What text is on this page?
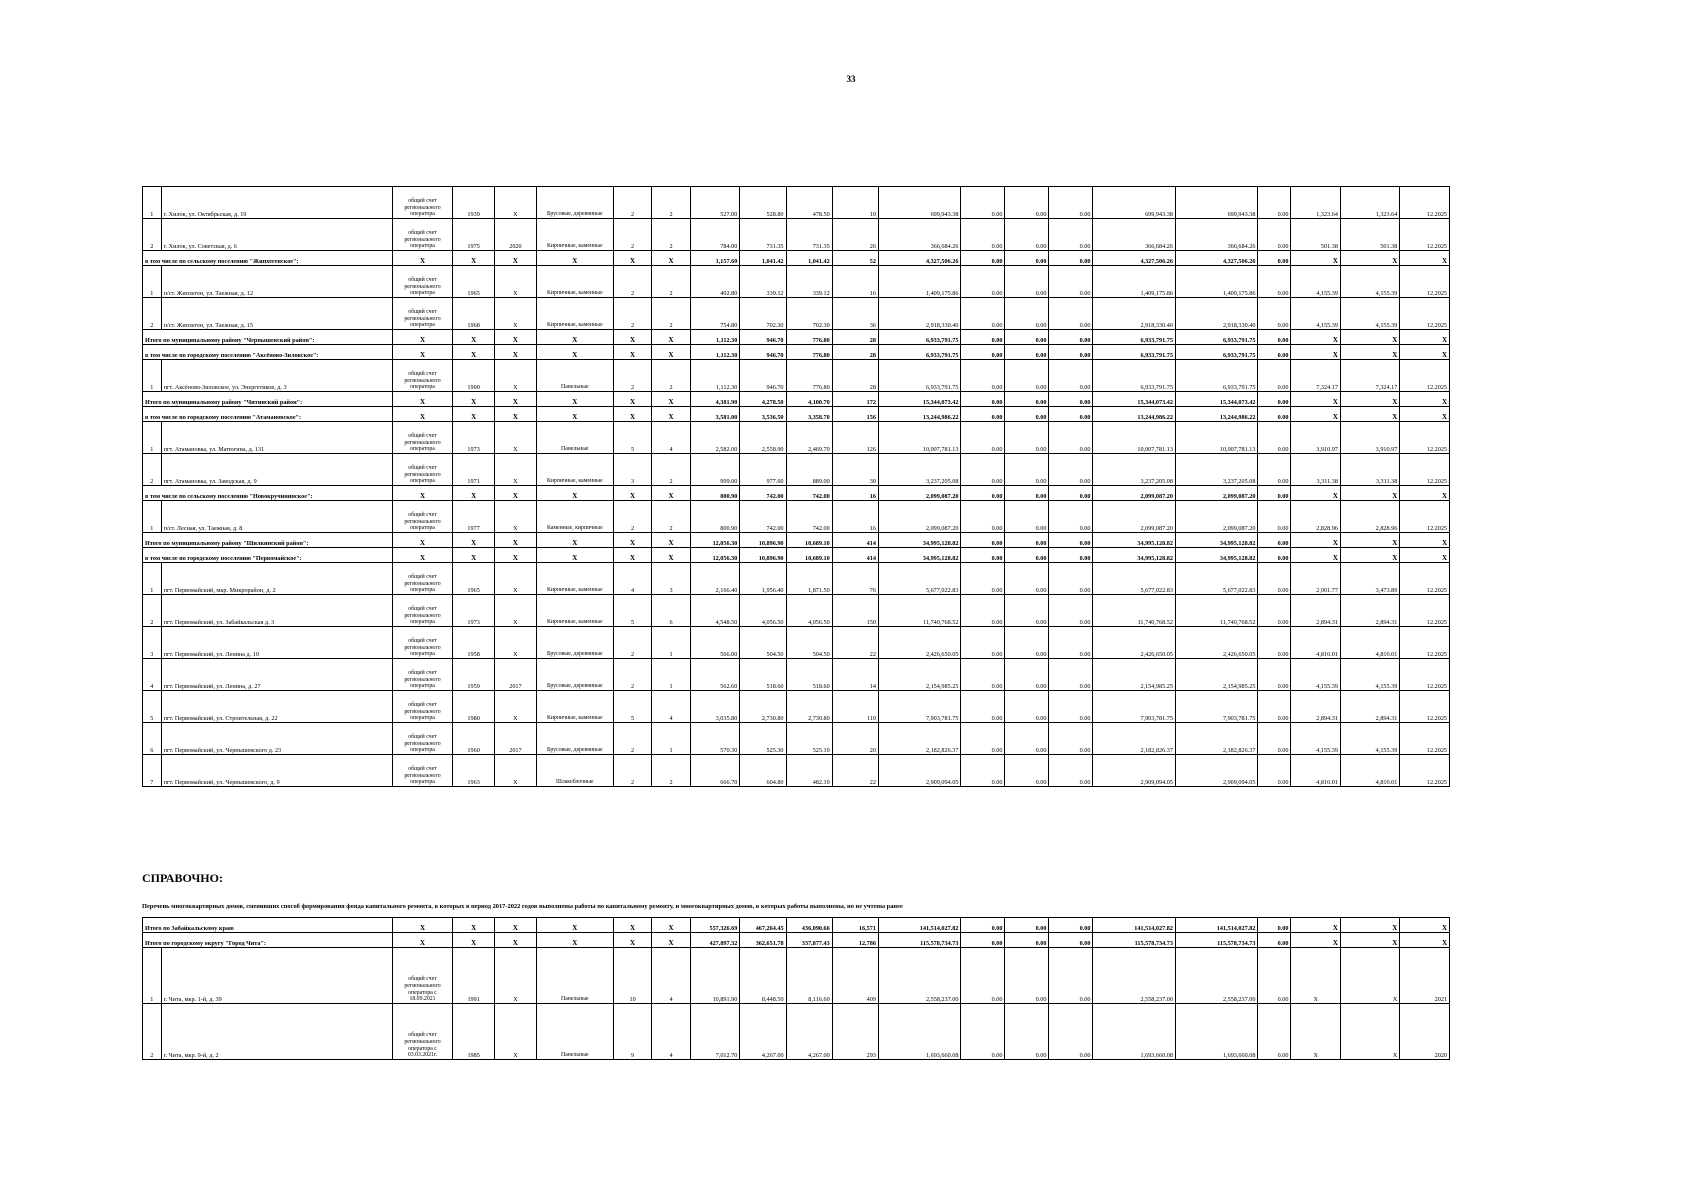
33
1	г. Хилок, ул. Октябрьская, д. 19	общий счет регионального оператора	1939	X	Брусовые, деревянные	2	2	527.00	528.80	478.50	10	699,943.38	0.00	0.00	0.00	699,943.38	699,943.38	0.00	1,323.64	1,323.64	12.2025
2	г. Хилок, ул. Советская, д. 6	общий счет регионального оператора	1975	2020	Кирпичные, каменные	2	2	784.00	731.35	731.35	26	366,684.26	0.00	0.00	0.00	366,684.26	366,684.26	0.00	501.38	501.38	12.2025
в том числе по сельскому поселению "Жипхегенское":		X	X	X	X	X	X	1,157.60	1,041.42	1,041.42	52	4,327,506.26	0.00	0.00	0.00	4,327,506.26	4,327,506.26	0.00	X	X	X
1	п/ст. Жипхеген, ул. Таежная, д. 12	общий счет регионального оператора	1965	X	Кирпичные, каменные	2	2	402.80	339.12	339.12	16	1,409,175.86	0.00	0.00	0.00	1,409,175.86	1,409,175.86	0.00	4,155.39	4,155.39	12.2025
2	п/ст. Жипхеген, ул. Таежная, д. 15	общий счет регионального оператора	1968	X	Кирпичные, каменные	2	2	754.80	702.30	702.30	36	2,918,330.40	0.00	0.00	0.00	2,918,330.40	2,918,330.40	0.00	4,155.39	4,155.39	12.2025
Итого по муниципальному району "Чернышевский район":		X	X	X	X	X	X	1,112.30	946.70	776.80	28	6,933,791.75	0.00	0.00	0.00	6,933,791.75	6,933,791.75	0.00	X	X	X
в том числе по городскому поселению "Аксёново-Зиловское":		X	X	X	X	X	X	1,112.30	946.70	776.80	28	6,933,791.75	0.00	0.00	0.00	6,933,791.75	6,933,791.75	0.00	X	X	X
1	пгт. Аксёново-Зиловское, ул. Энергетиков, д. 3	общий счет регионального оператора	1990	X	Панельные	2	2	1,112.30	946.70	776.80	28	6,933,791.75	0.00	0.00	0.00	6,933,791.75	6,933,791.75	0.00	7,324.17	7,324.17	12.2025
Итого по муниципальному району "Читинский район":		X	X	X	X	X	X	4,381.90	4,278.50	4,100.70	172	15,344,073.42	0.00	0.00	0.00	15,344,073.42	15,344,073.42	0.00	X	X	X
в том числе по городскому поселению "Атамановское":		X	X	X	X	X	X	3,581.00	3,536.50	3,358.70	156	13,244,986.22	0.00	0.00	0.00	13,244,986.22	13,244,986.22	0.00	X	X	X
1	пгт. Атамановка, ул. Матюгина, д. 131	общий счет регионального оператора	1973	X	Панельные	5	4	2,582.00	2,558.90	2,469.70	126	10,007,781.13	0.00	0.00	0.00	10,007,781.13	10,007,781.13	0.00	3,910.97	3,910.97	12.2025
2	пгт. Атамановка, ул. Заводская, д. 9	общий счет регионального оператора	1971	X	Кирпичные, каменные	3	2	999.00	977.60	889.00	30	3,237,205.08	0.00	0.00	0.00	3,237,205.08	3,237,205.08	0.00	3,311.38	3,311.38	12.2025
в том числе по сельскому поселению "Новокручининское":		X	X	X	X	X	X	800.90	742.00	742.00	16	2,099,087.20	0.00	0.00	0.00	2,099,087.20	2,099,087.20	0.00	X	X	X
1	п/ст. Лесная, ул. Таежная, д. 8	общий счет регионального оператора	1977	X	Каменные, кирпичные	2	2	800.90	742.00	742.00	16	2,099,087.20	0.00	0.00	0.00	2,099,087.20	2,099,087.20	0.00	2,828.96	2,828.96	12.2025
Итого по муниципальному району "Шилкинский район":		X	X	X	X	X	X	12,056.30	10,896.90	10,689.10	414	34,995,128.82	0.00	0.00	0.00	34,995,128.82	34,995,128.82	0.00	X	X	X
в том числе по городскому поселению "Первомайское":		X	X	X	X	X	X	12,056.30	10,896.90	10,689.10	414	34,995,128.82	0.00	0.00	0.00	34,995,128.82	34,995,128.82	0.00	X	X	X
1	пгт. Первомайский, мкр. Микрорайон, д. 2	общий счет регионального оператора	1965	X	Кирпичные, каменные	4	3	2,166.40	1,956.40	1,871.50	76	5,677,022.83	0.00	0.00	0.00	5,677,022.83	5,677,022.83	0.00	2,901.77	3,473.89	12.2025
2	пгт. Первомайский, ул. Забайкальская д. 3	общий счет регионального оператора	1973	X	Кирпичные, каменные	5	6	4,548.50	4,056.50	4,056.50	150	11,740,768.52	0.00	0.00	0.00	11,740,768.52	11,740,768.52	0.00	2,894.31	2,894.31	12.2025
3	пгт. Первомайский, ул. Ленина д. 10	общий счет регионального оператора	1958	X	Брусовые, деревянные	2	1	566.00	504.50	504.50	22	2,426,650.05	0.00	0.00	0.00	2,426,650.05	2,426,650.05	0.00	4,810.01	4,810.01	12.2025
4	пгт. Первомайский, ул. Ленина, д. 27	общий счет регионального оператора	1959	2017	Брусовые, деревянные	2	1	562.60	518.60	518.60	14	2,154,985.25	0.00	0.00	0.00	2,154,985.25	2,154,985.25	0.00	4,155.39	4,155.39	12.2025
5	пгт. Первомайский, ул. Строительная, д. 22	общий счет регионального оператора	1980	X	Кирпичные, каменные	5	4	3,035.80	2,730.80	2,730.80	110	7,903,781.75	0.00	0.00	0.00	7,903,781.75	7,903,781.75	0.00	2,894.31	2,894.31	12.2025
6	пгт. Первомайский, ул. Чернышевского д. 23	общий счет регионального оператора	1960	2017	Брусовые, деревянные	2	1	570.30	525.30	525.10	20	2,182,826.37	0.00	0.00	0.00	2,182,826.37	2,182,826.37	0.00	4,155.39	4,155.39	12.2025
7	пгт. Первомайский, ул. Чернышевского, д. 9	общий счет регионального оператора	1963	X	Шлакоблочные	2	2	666.70	604.80	482.10	22	2,909,094.05	0.00	0.00	0.00	2,909,094.05	2,909,094.05	0.00	4,810.01	4,810.01	12.2025
СПРАВОЧНО:
Перечень многоквартирных домов, сменивших способ формирования фонда капитального ремонта, в которых в период 2017-2022 годов выполнены работы по капитальному ремонту, и многоквартирных домов, в которых работы выполнены, но не учтены ранее
Итого по Забайкальскому краю		X	X	X	X	X	X	557,326.69	467,264.45	436,090.66	16,571	141,514,027.82	0.00	0.00	0.00	141,514,027.82	141,514,027.82	0.00	X	X	X
Итого по городскому округу "Город Чита":		X	X	X	X	X	X	427,897.32	362,651.78	337,877.43	12,786	115,578,734.73	0.00	0.00	0.00	115,578,734.73	115,578,734.73	0.00	X	X	X
1	г. Чита, мкр. 1-й, д. 39	общий счет регионального оператора с 18.09.2021	1991	X	Панельные	10	4	10,891.90	8,448.50	8,116.60	409	2,558,237.00	0.00	0.00	0.00	2,558,237.00	2,558,237.00	0.00	X	X	2021
2	г. Чита, мкр. 9-й, д. 2	общий счет регионального оператора с 03.03.2021г.	1985	X	Панельные	9	4	7,012.70	4,267.00	4,267.00	293	1,693,660.08	0.00	0.00	0.00	1,693,660.08	1,693,660.08	0.00	X	X	2020
